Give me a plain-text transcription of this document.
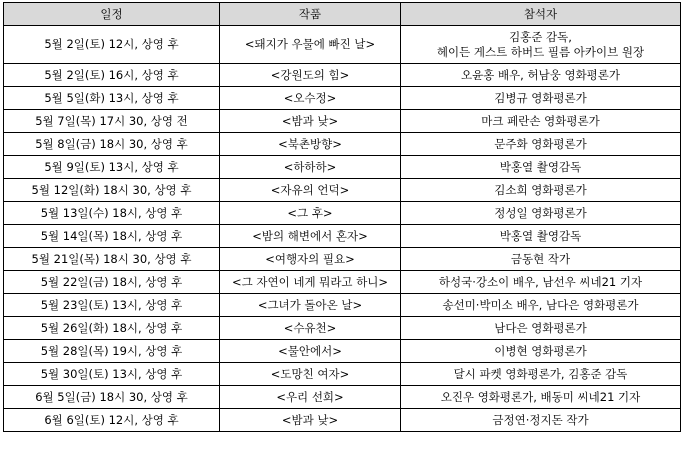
일정	작품	참석자
5월 2일(토) 12시, 상영 후	<돼지가 우물에 빠진 날>	김홍준 감독,
헤이든 게스트 하버드 필름 아카이브 원장

5월 2일(토) 16시, 상영 후	<강원도의 힘>	오윤홍 배우, 허남웅 영화평론가

5월 5일(화) 13시, 상영 후	<오수정>	김병규 영화평론가

5월 7일(목) 17시 30, 상영 전	<밤과 낮>	마크 페란손 영화평론가

5월 8일(금) 18시 30, 상영 후	<북촌방향>	문주화 영화평론가

5월 9일(토) 13시, 상영 후	<하하하>	박홍열 촬영감독

5월 12일(화) 18시 30, 상영 후	<자유의 언덕>	김소희 영화평론가

5월 13일(수) 18시, 상영 후	<그 후>	정성일 영화평론가

5월 14일(목) 18시, 상영 후	<밤의 해변에서 혼자>	박홍열 촬영감독

5월 21일(목) 18시 30, 상영 후	<여행자의 필요>	금동현 작가

5월 22일(금) 18시, 상영 후	<그 자연이 네게 뭐라고 하니>	하성국·강소이 배우, 남선우 씨네21 기자

5월 23일(토) 13시, 상영 후	<그녀가 돌아온 날>	송선미·박미소 배우, 남다은 영화평론가

5월 26일(화) 18시, 상영 후	<수유천>	남다은 영화평론가

5월 28일(목) 19시, 상영 후	<물안에서>	이병현 영화평론가

5월 30일(토) 13시, 상영 후	<도망친 여자>	달시 파켓 영화평론가, 김홍준 감독

6월 5일(금) 18시 30, 상영 후	<우리 선희>	오진우 영화평론가, 배동미 씨네21 기자

6월 6일(토) 12시, 상영 후	<밤과 낮>	금정연·정지돈 작가
